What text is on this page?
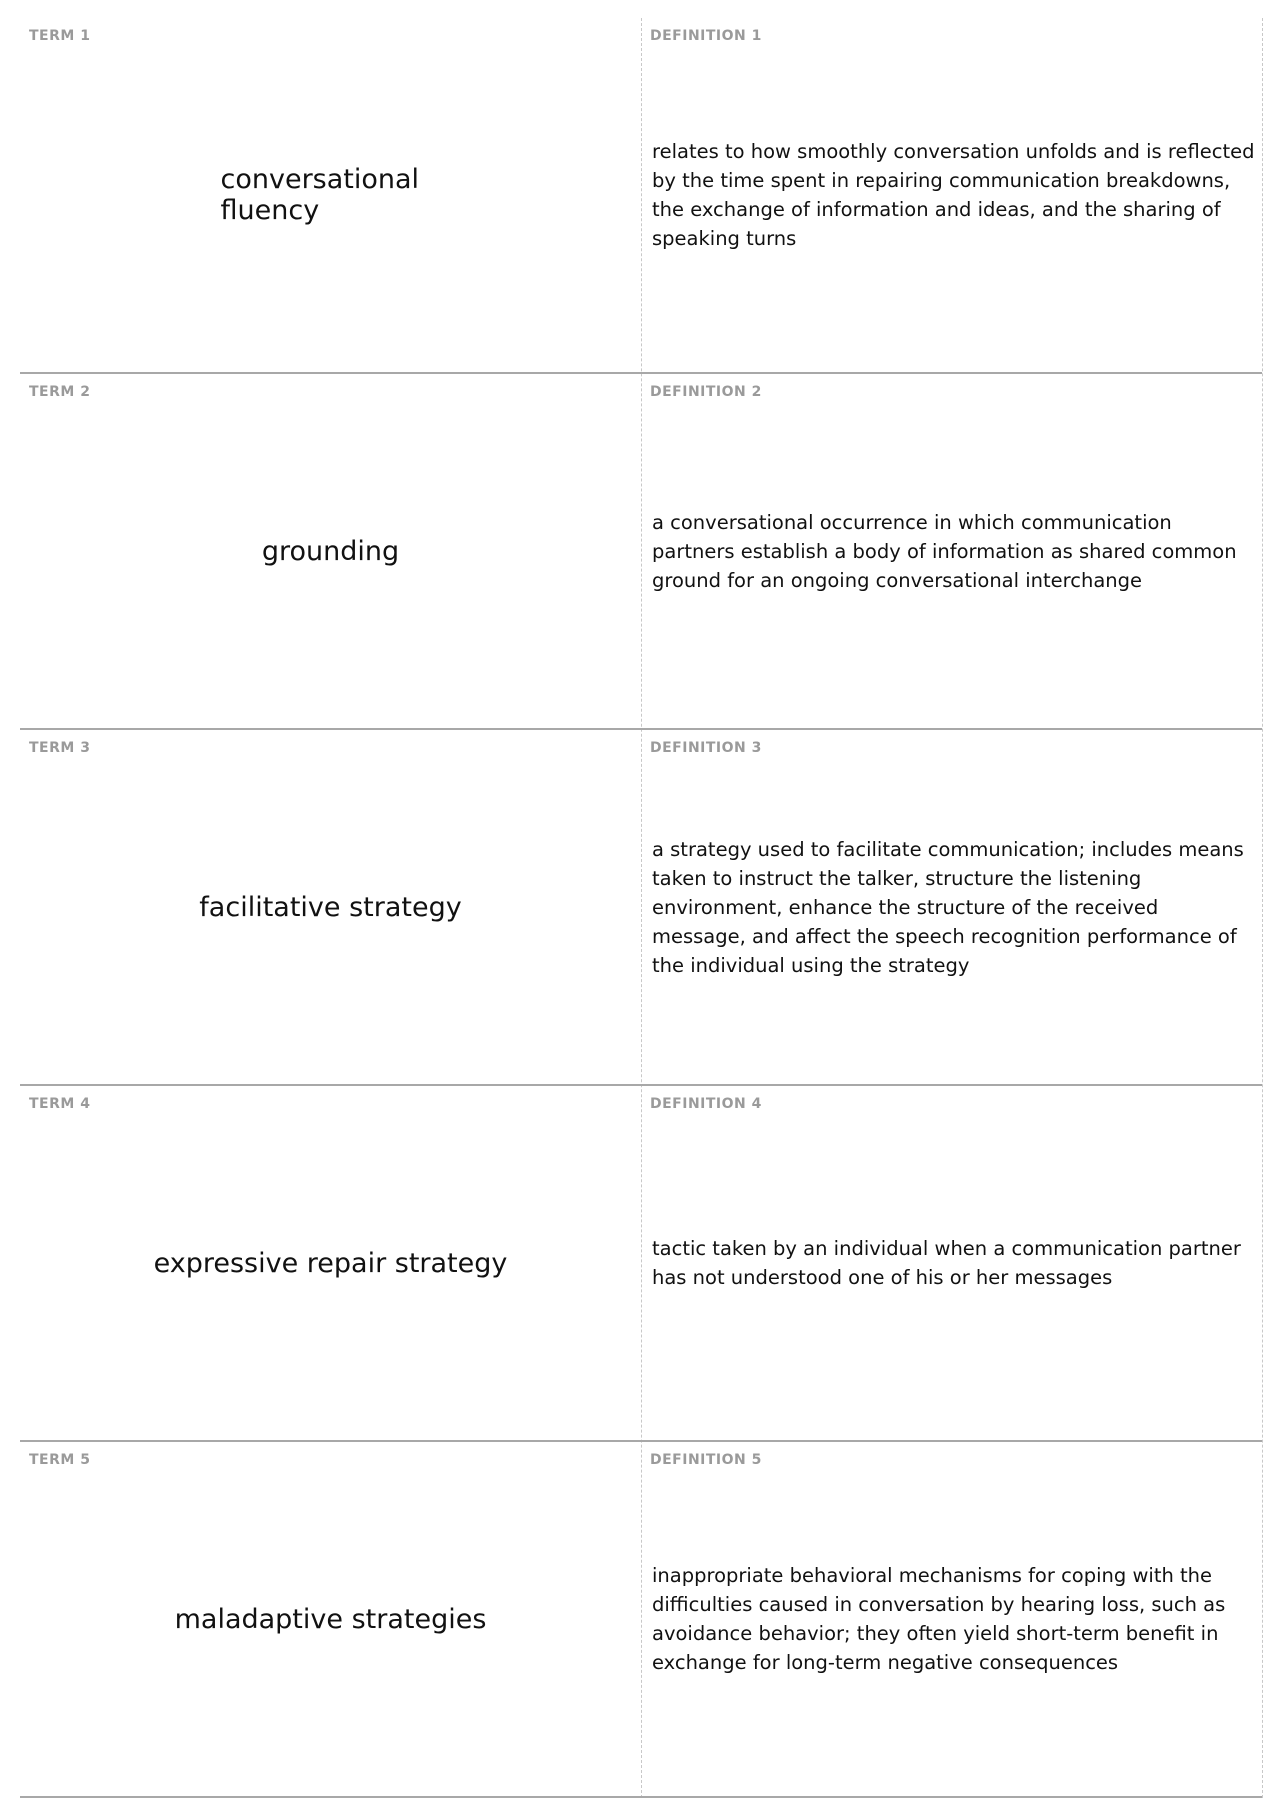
TERM 1
conversational fluency
DEFINITION 1
relates to how smoothly conversation unfolds and is reflected by the time spent in repairing communication breakdowns, the exchange of information and ideas, and the sharing of speaking turns
TERM 2
grounding
DEFINITION 2
a conversational occurrence in which communication partners establish a body of information as shared common ground for an ongoing conversational interchange
TERM 3
facilitative strategy
DEFINITION 3
a strategy used to facilitate communication; includes means taken to instruct the talker, structure the listening environment, enhance the structure of the received message, and affect the speech recognition performance of the individual using the strategy
TERM 4
expressive repair strategy
DEFINITION 4
tactic taken by an individual when a communication partner has not understood one of his or her messages
TERM 5
maladaptive strategies
DEFINITION 5
inappropriate behavioral mechanisms for coping with the difficulties caused in conversation by hearing loss, such as avoidance behavior; they often yield short-term benefit in exchange for long-term negative consequences
